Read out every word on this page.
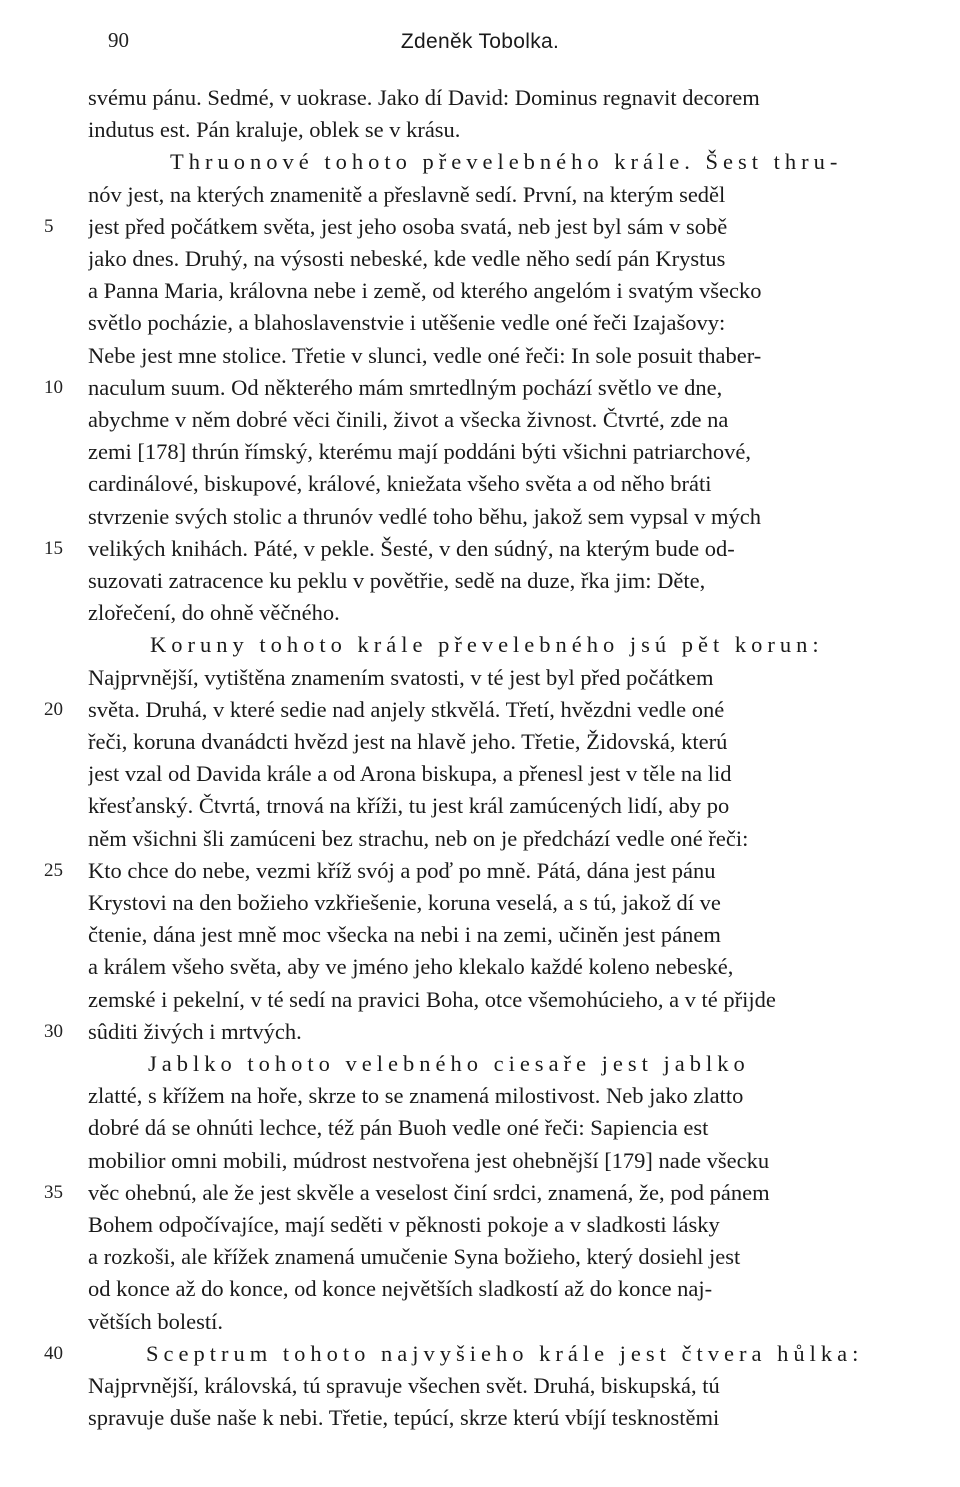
90	Zdeněk Tobolka.
svému pánu. Sedmé, v uokrase. Jako dí David: Dominus regnavit decorem
indutus est. Pán kraluje, oblek se v krásu.
Thruonové tohoto převelebného krále. Šest thru-
nóv jest, na kterých znamenitě a přeslavně sedí. První, na kterým seděl
jest před počátkem světa, jest jeho osoba svatá, neb jest byl sám v sobě
jako dnes. Druhý, na výsosti nebeské, kde vedle něho sedí pán Krystus
a Panna Maria, královna nebe i země, od kterého angelóm i svatým všecko
světlo pocházie, a blahoslavenstvie i utěšenie vedle oné řeči Izajašovy:
Nebe jest mne stolice. Třetie v slunci, vedle oné řeči: In sole posuit thaber-
naculum suum. Od některého mám smrtedlným pochází světlo ve dne,
abychme v něm dobré věci činili, život a všecka živnost. Čtvrté, zde na
zemi [178] thrún římský, kterému mají poddáni býti všichni patriarchové,
cardinálové, biskupové, králové, kniežata všeho světa a od něho bráti
stvrzenie svých stolic a thrunóv vedlé toho běhu, jakož sem vypsal v mých
velikých knihách. Páté, v pekle. Šesté, v den súdný, na kterým bude od-
suzovati zatracence ku peklu v povětřie, sedě na duze, řka jim: Děte,
zlořečení, do ohně věčného.
Koruny tohoto krále převelebného jsú pět korun:
Najprvnější, vytištěna znamením svatosti, v té jest byl před počátkem
světa. Druhá, v které sedie nad anjely stkvělá. Třetí, hvězdni vedle oné
řeči, koruna dvanádcti hvězd jest na hlavě jeho. Třetie, Židovská, kterú
jest vzal od Davida krále a od Arona biskupa, a přenesl jest v těle na lid
křesťanský. Čtvrtá, trnová na kříži, tu jest král zamúcených lidí, aby po
něm všichni šli zamúceni bez strachu, neb on je předchází vedle oné řeči:
Kto chce do nebe, vezmi kříž svój a poď po mně. Pátá, dána jest pánu
Krystovi na den božieho vzkřiešenie, koruna veselá, a s tú, jakož dí ve
čtenie, dána jest mně moc všecka na nebi i na zemi, učiněn jest pánem
a králem všeho světa, aby ve jméno jeho klekalo každé koleno nebeské,
zemské i pekelní, v té sedí na pravici Boha, otce všemohúcieho, a v té přijde
sûditi živých i mrtvých.
Jablko tohoto velebného ciesaře jest jablko
zlatté, s křížem na hoře, skrze to se znamená milostivost. Neb jako zlatto
dobré dá se ohnúti lechce, též pán Buoh vedle oné řeči: Sapiencia est
mobilior omni mobili, múdrost nestvořena jest ohebnější [179] nade všecku
věc ohebnú, ale že jest skvěle a veselost činí srdci, znamená, že, pod pánem
Bohem odpočívajíce, mají seděti v pěknosti pokoje a v sladkosti lásky
a rozkoši, ale křížek znamená umučenie Syna božieho, který dosiehl jest
od konce až do konce, od konce největších sladkostí až do konce naj-
větších bolestí.
Sceptrum tohoto najvyšieho krále jest čtvera hůlka:
Najprvnější, královská, tú spravuje všechen svět. Druhá, biskupská, tú
spravuje duše naše k nebi. Třetie, tepúcí, skrze kterú vbíjí tesknostěmi
5
10
15
20
25
30
35
40
